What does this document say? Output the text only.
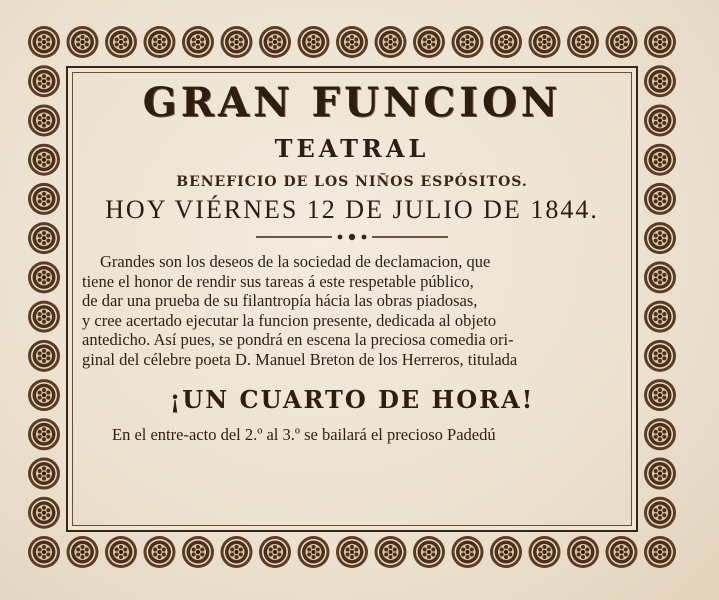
GRAN FUNCION
TEATRAL
BENEFICIO DE LOS NIÑOS ESPÓSITOS.
HOY VIÉRNES 12 DE JULIO DE 1844.
Grandes son los deseos de la sociedad de declamacion, que
tiene el honor de rendir sus tareas á este respetable público,
de dar una prueba de su filantropía hácia las obras piadosas,
y cree acertado ejecutar la funcion presente, dedicada al objeto
antedicho. Así pues, se pondrá en escena la preciosa comedia ori-
ginal del célebre poeta D. Manuel Breton de los Herreros, titulada
¡UN CUARTO DE HORA!
En el entre-acto del 2.º al 3.º se bailará el precioso Padedú
